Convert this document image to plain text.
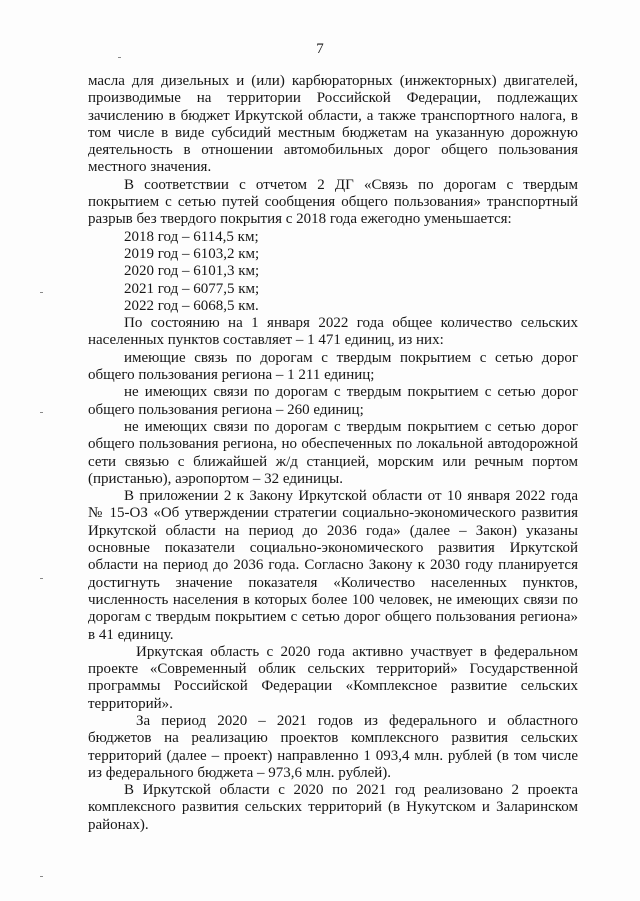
7

масла для дизельных и (или) карбюраторных (инжекторных) двигателей, производимые на территории Российской Федерации, подлежащих зачислению в бюджет Иркутской области, а также транспортного налога, в том числе в виде субсидий местным бюджетам на указанную дорожную деятельность в отношении автомобильных дорог общего пользования местного значения.

В соответствии с отчетом 2 ДГ «Связь по дорогам с твердым покрытием с сетью путей сообщения общего пользования» транспортный разрыв без твердого покрытия с 2018 года ежегодно уменьшается:

2018 год – 6114,5 км;
2019 год – 6103,2 км;
2020 год – 6101,3 км;
2021 год – 6077,5 км;
2022 год – 6068,5 км.

По состоянию на 1 января 2022 года общее количество сельских населенных пунктов составляет – 1 471 единиц, из них:

имеющие связь по дорогам с твердым покрытием с сетью дорог общего пользования региона – 1 211 единиц;

не имеющих связи по дорогам с твердым покрытием с сетью дорог общего пользования региона – 260 единиц;

не имеющих связи по дорогам с твердым покрытием с сетью дорог общего пользования региона, но обеспеченных по локальной автодорожной сети связью с ближайшей ж/д станцией, морским или речным портом (пристанью), аэропортом – 32 единицы.

В приложении 2 к Закону Иркутской области от 10 января 2022 года № 15-ОЗ «Об утверждении стратегии социально-экономического развития Иркутской области на период до 2036 года» (далее – Закон) указаны основные показатели социально-экономического развития Иркутской области на период до 2036 года. Согласно Закону к 2030 году планируется достигнуть значение показателя «Количество населенных пунктов, численность населения в которых более 100 человек, не имеющих связи по дорогам с твердым покрытием с сетью дорог общего пользования региона» в 41 единицу.

Иркутская область с 2020 года активно участвует в федеральном проекте «Современный облик сельских территорий» Государственной программы Российской Федерации «Комплексное развитие сельских территорий».

За период 2020 – 2021 годов из федерального и областного бюджетов на реализацию проектов комплексного развития сельских территорий (далее – проект) направленно 1 093,4 млн. рублей (в том числе из федерального бюджета – 973,6 млн. рублей).

В Иркутской области с 2020 по 2021 год реализовано 2 проекта комплексного развития сельских территорий (в Нукутском и Заларинском районах).
